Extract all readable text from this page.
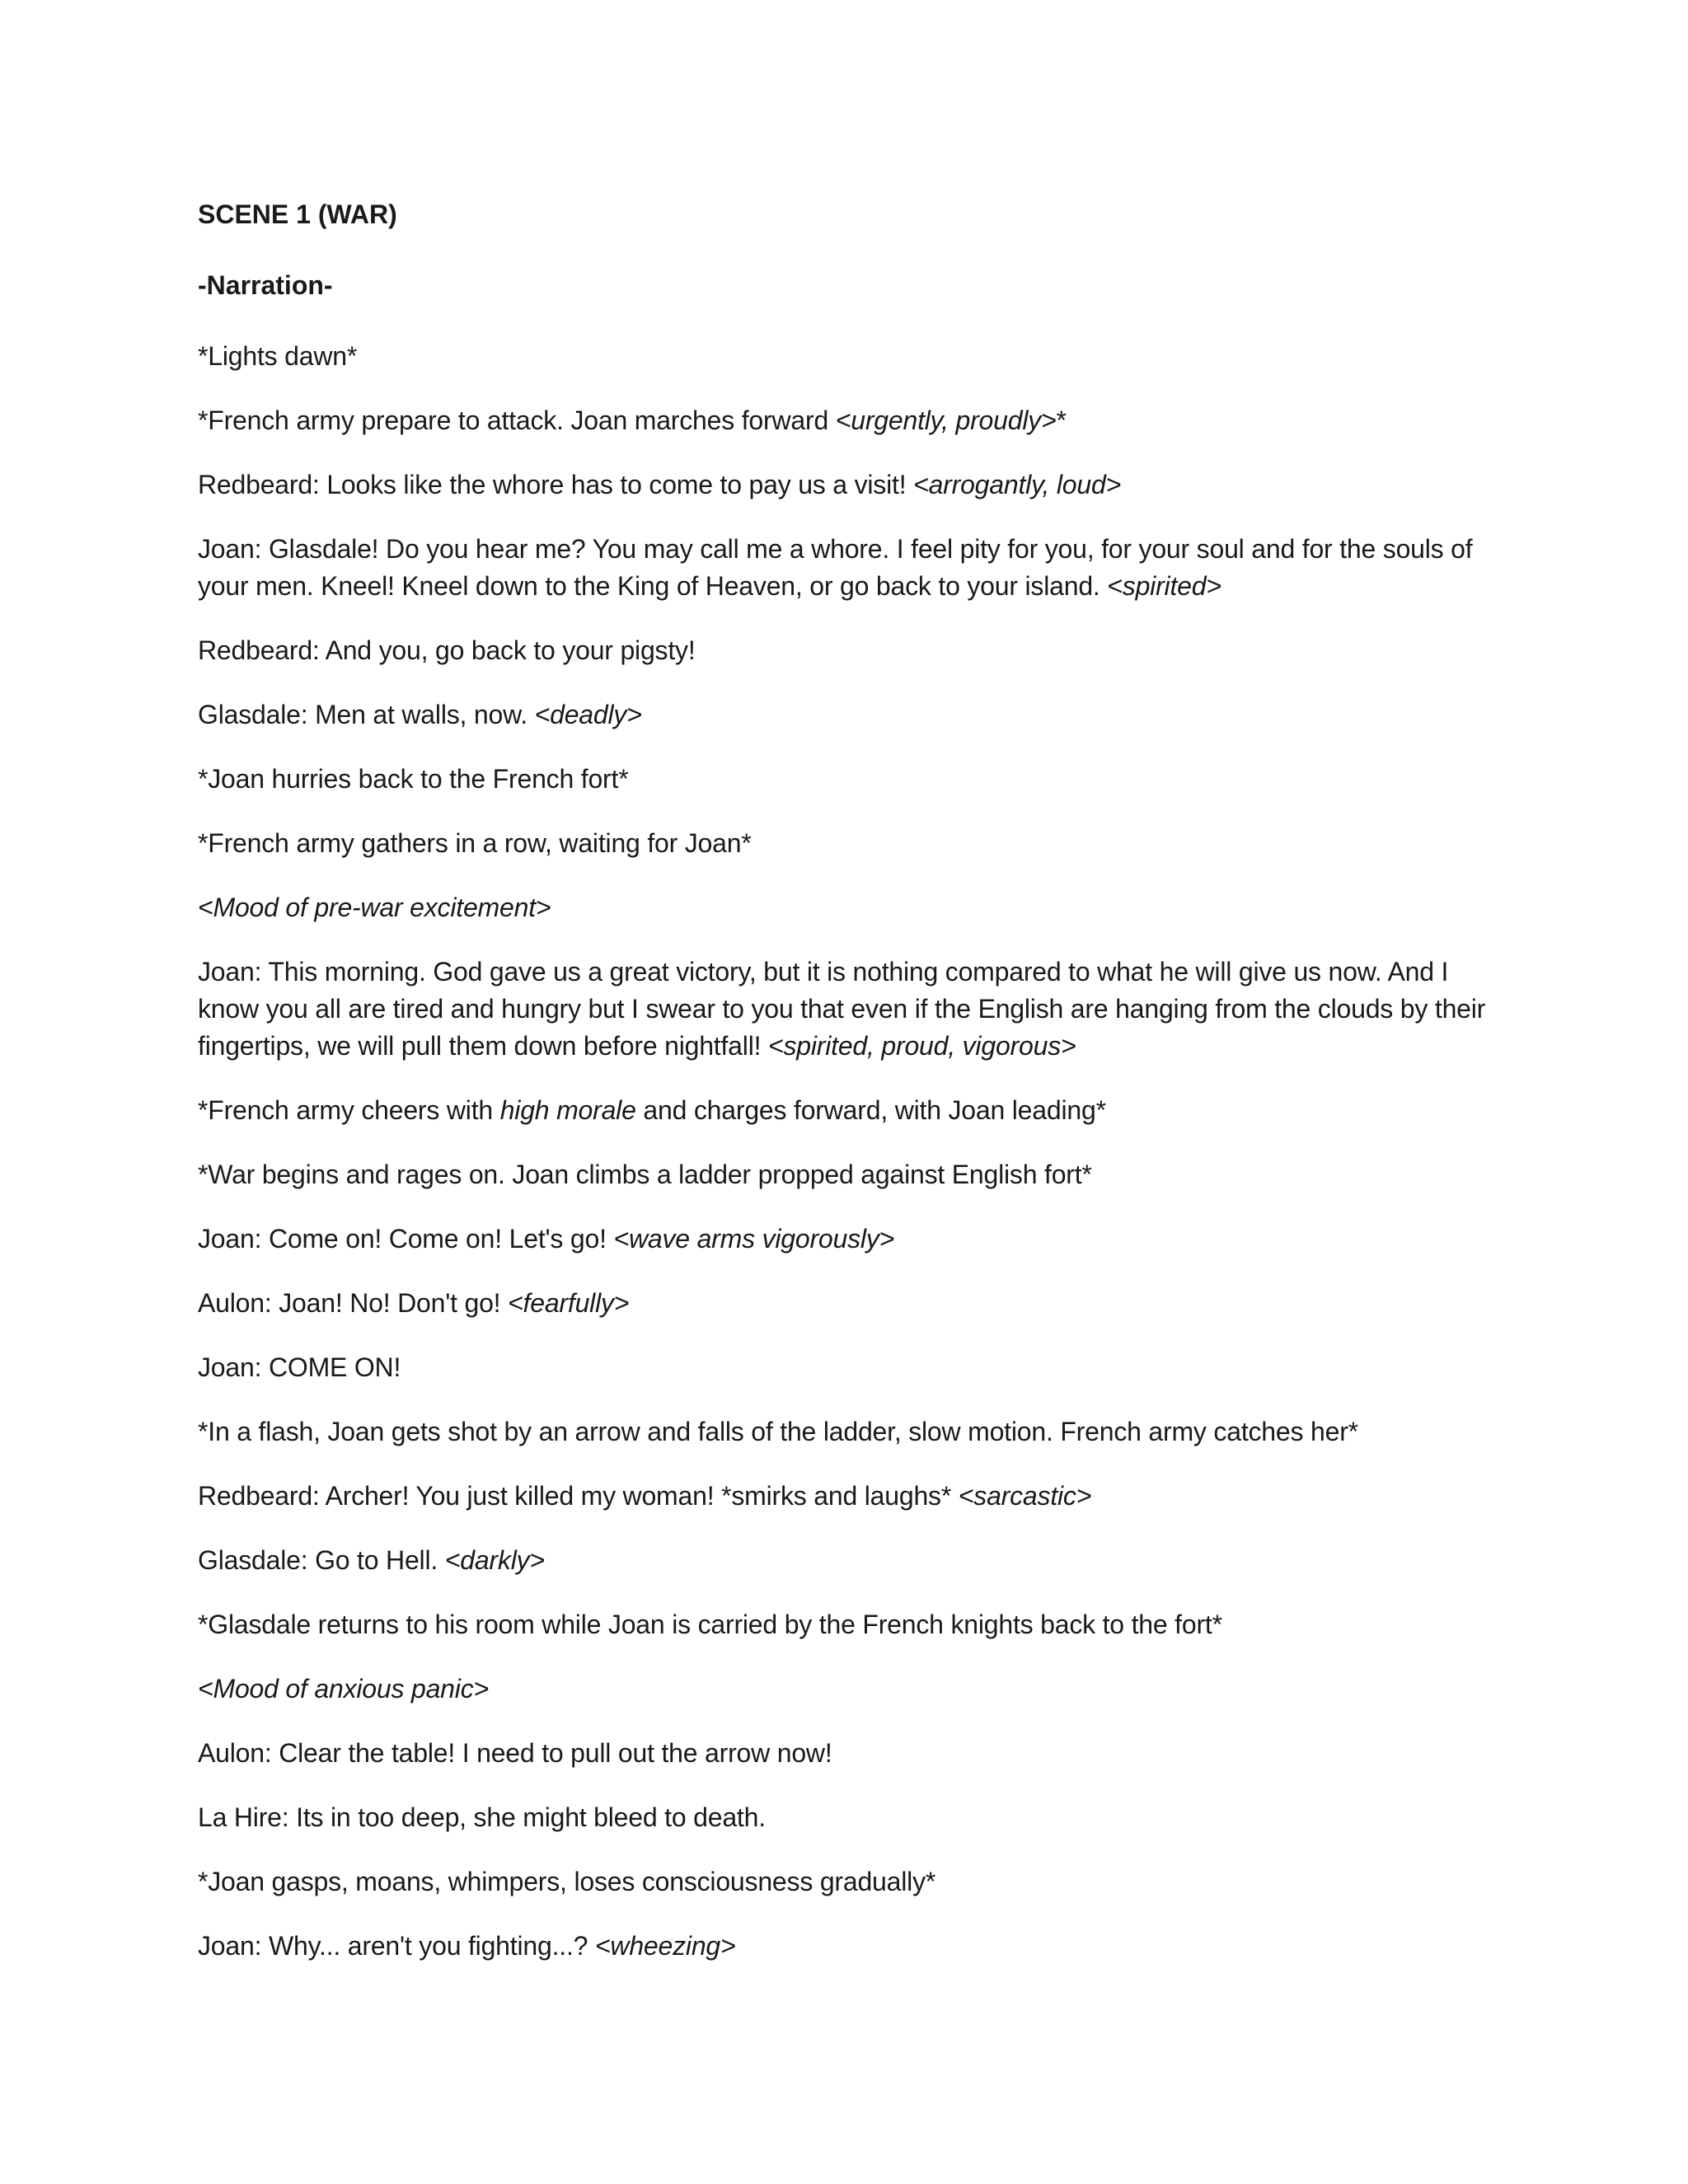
SCENE 1 (WAR)
-Narration-

*Lights dawn*

*French army prepare to attack. Joan marches forward <urgently, proudly>*

Redbeard: Looks like the whore has to come to pay us a visit! <arrogantly, loud>

Joan: Glasdale! Do you hear me? You may call me a whore. I feel pity for you, for your soul and for the souls of your men. Kneel! Kneel down to the King of Heaven, or go back to your island. <spirited>

Redbeard: And you, go back to your pigsty!

Glasdale: Men at walls, now. <deadly>

*Joan hurries back to the French fort*

*French army gathers in a row, waiting for Joan*

<Mood of pre-war excitement>

Joan: This morning. God gave us a great victory, but it is nothing compared to what he will give us now. And I know you all are tired and hungry but I swear to you that even if the English are hanging from the clouds by their fingertips, we will pull them down before nightfall! <spirited, proud, vigorous>

*French army cheers with high morale and charges forward, with Joan leading*

*War begins and rages on. Joan climbs a ladder propped against English fort*

Joan: Come on! Come on! Let's go! <wave arms vigorously>

Aulon: Joan! No! Don't go! <fearfully>

Joan: COME ON!

*In a flash, Joan gets shot by an arrow and falls of the ladder, slow motion. French army catches her*

Redbeard: Archer! You just killed my woman! *smirks and laughs* <sarcastic>

Glasdale: Go to Hell. <darkly>

*Glasdale returns to his room while Joan is carried by the French knights back to the fort*

<Mood of anxious panic>

Aulon: Clear the table! I need to pull out the arrow now!

La Hire: Its in too deep, she might bleed to death.

*Joan gasps, moans, whimpers, loses consciousness gradually*

Joan: Why... aren't you fighting...? <wheezing>
